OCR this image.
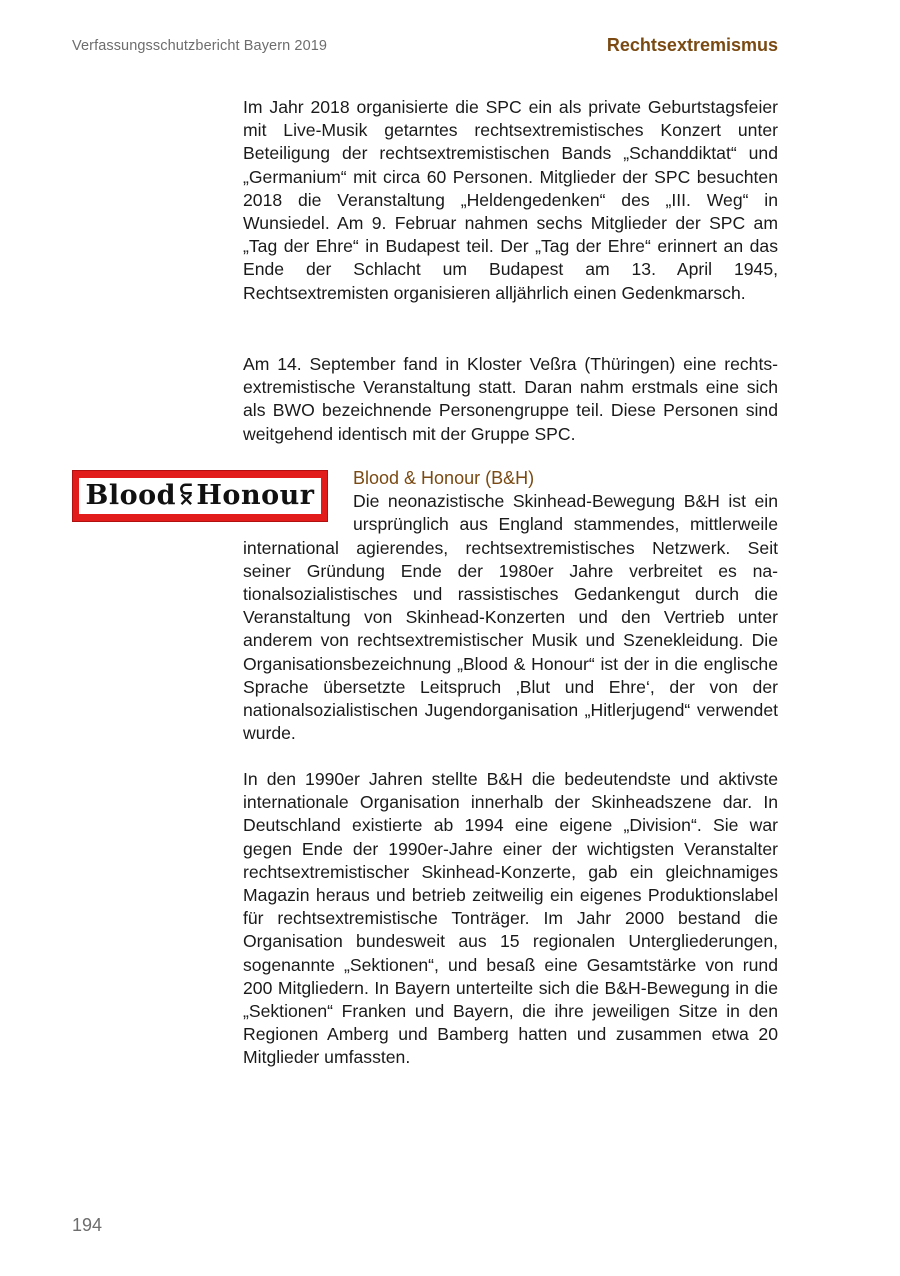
Verfassungsschutzbericht Bayern 2019	Rechtsextremismus

Im Jahr 2018 organisierte die SPC ein als private Geburtstagsfeier mit Live-Musik getarntes rechtsextremistisches Konzert unter Beteiligung der rechtsextremistischen Bands „Schanddiktat“ und „Germanium“ mit circa 60 Personen. Mitglieder der SPC besuchten 2018 die Veranstaltung „Heldengedenken“ des „III. Weg“ in Wunsiedel. Am 9. Februar nahmen sechs Mitglieder der SPC am „Tag der Ehre“ in Budapest teil. Der „Tag der Ehre“ erinnert an das Ende der Schlacht um Budapest am 13. April 1945, Rechtsextremisten organisieren alljährlich einen Gedenkmarsch.

Am 14. September fand in Kloster Veßra (Thüringen) eine rechtsextremistische Veranstaltung statt. Daran nahm erstmals eine sich als BWO bezeichnende Personengruppe teil. Diese Personen sind weitgehend identisch mit der Gruppe SPC.

Blood ⫁ Honour
Blood & Honour (B&H)
Die neonazistische Skinhead-Bewegung B&H ist ein ursprünglich aus England stammendes, mittlerweile international agierendes, rechtsextremistisches Netzwerk. Seit seiner Gründung Ende der 1980er Jahre verbreitet es nationalsozialistisches und rassistisches Gedankengut durch die Veranstaltung von Skinhead-Konzerten und den Vertrieb unter anderem von rechtsextremistischer Musik und Szenekleidung. Die Organisationsbezeichnung „Blood & Honour“ ist der in die englische Sprache übersetzte Leitspruch ‚Blut und Ehre‘, der von der nationalsozialistischen Jugendorganisation „Hitlerjugend“ verwendet wurde.

In den 1990er Jahren stellte B&H die bedeutendste und aktivste internationale Organisation innerhalb der Skinheadszene dar. In Deutschland existierte ab 1994 eine eigene „Division“. Sie war gegen Ende der 1990er-Jahre einer der wichtigsten Veranstalter rechtsextremistischer Skinhead-Konzerte, gab ein gleichnamiges Magazin heraus und betrieb zeitweilig ein eigenes Produktionslabel für rechtsextremistische Tonträger. Im Jahr 2000 bestand die Organisation bundesweit aus 15 regionalen Untergliederungen, sogenannte „Sektionen“, und besaß eine Gesamtstärke von rund 200 Mitgliedern. In Bayern unterteilte sich die B&H-Bewegung in die „Sektionen“ Franken und Bayern, die ihre jeweiligen Sitze in den Regionen Amberg und Bamberg hatten und zusammen etwa 20 Mitglieder umfassten.

194
